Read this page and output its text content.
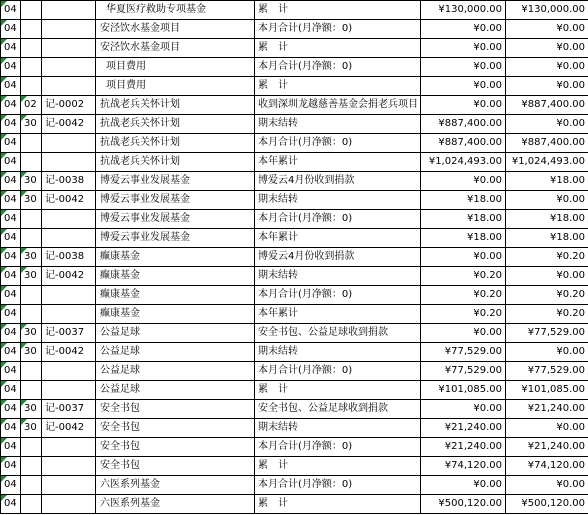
04			华夏医疗救助专项基金	累　计	¥130,000.00	¥130,000.00
04			安泾饮水基金项目	本月合计(月净额：0)	¥0.00	¥0.00
04			安泾饮水基金项目	累　计	¥0.00	¥0.00
04			项目费用	本月合计(月净额：0)	¥0.00	¥0.00
04			项目费用	累　计	¥0.00	¥0.00
04	02	记-0002	抗战老兵关怀计划	收到深圳龙越慈善基金会捐老兵项目	¥0.00	¥887,400.00
04	30	记-0042	抗战老兵关怀计划	期末结转	¥887,400.00	¥0.00
04			抗战老兵关怀计划	本月合计(月净额：0)	¥887,400.00	¥887,400.00
04			抗战老兵关怀计划	本年累计	¥1,024,493.00	¥1,024,493.00
04	30	记-0038	博爱云事业发展基金	博爱云4月份收到捐款	¥0.00	¥18.00
04	30	记-0042	博爱云事业发展基金	期末结转	¥18.00	¥0.00
04			博爱云事业发展基金	本月合计(月净额：0)	¥18.00	¥18.00
04			博爱云事业发展基金	本年累计	¥18.00	¥18.00
04	30	记-0038	癫康基金	博爱云4月份收到捐款	¥0.00	¥0.20
04	30	记-0042	癫康基金	期末结转	¥0.20	¥0.00
04			癫康基金	本月合计(月净额：0)	¥0.20	¥0.20
04			癫康基金	本年累计	¥0.20	¥0.20
04	30	记-0037	公益足球	安全书包、公益足球收到捐款	¥0.00	¥77,529.00
04	30	记-0042	公益足球	期末结转	¥77,529.00	¥0.00
04			公益足球	本月合计(月净额：0)	¥77,529.00	¥77,529.00
04			公益足球	累　计	¥101,085.00	¥101,085.00
04	30	记-0037	安全书包	安全书包、公益足球收到捐款	¥0.00	¥21,240.00
04	30	记-0042	安全书包	期末结转	¥21,240.00	¥0.00
04			安全书包	本月合计(月净额：0)	¥21,240.00	¥21,240.00
04			安全书包	累　计	¥74,120.00	¥74,120.00
04			六医系列基金	本月合计(月净额：0)	¥0.00	¥0.00
04			六医系列基金	累　计	¥500,120.00	¥500,120.00
